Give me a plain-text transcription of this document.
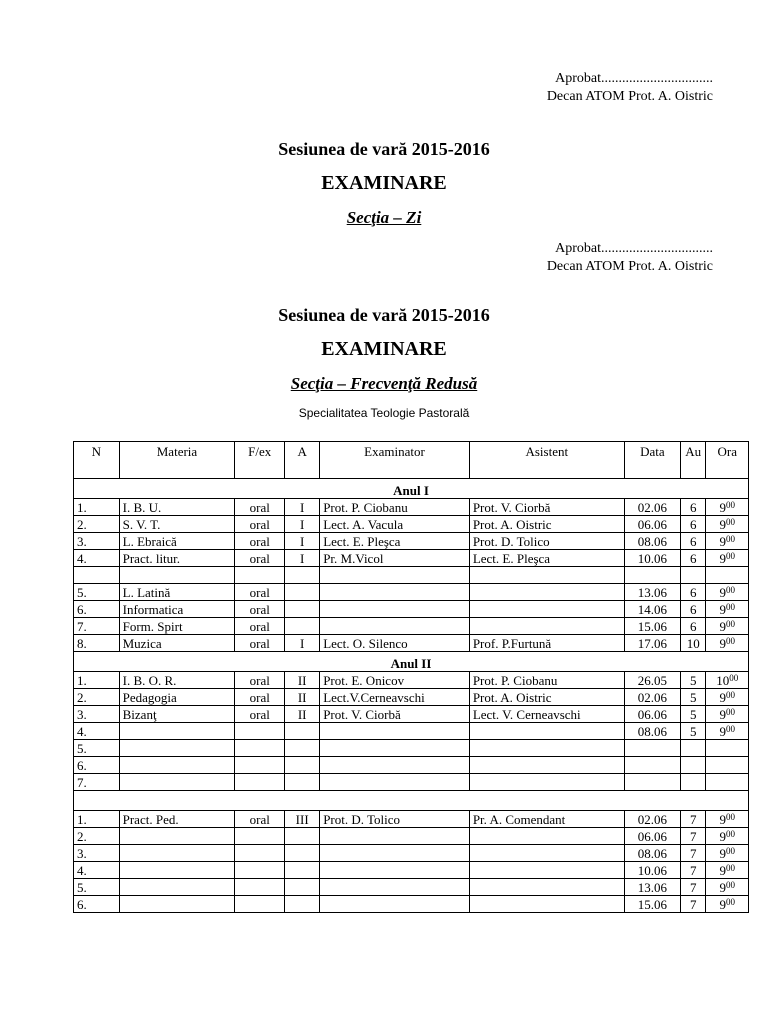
Aprobat................................
Decan ATOM Prot. A. Oistric
Sesiunea de vară 2015-2016
EXAMINARE
Secţia – Zi
Aprobat................................
Decan ATOM Prot. A. Oistric
Sesiunea de vară 2015-2016
EXAMINARE
Secţia – Frecvenţă Redusă
Specialitatea Teologie Pastorală
N	Materia	F/ex	A	Examinator	Asistent	Data	Au	Ora
Anul I								
1.	I. B. U.	oral	I	Prot. P. Ciobanu	Prot. V. Ciorbă	02.06	6	$9^{00}$
2.	S. V. T.	oral	I	Lect. A. Vacula	Prot. A. Oistric	06.06	6	$9^{00}$
3.	L. Ebraică	oral	I	Lect. E. Pleşca	Prot. D. Tolico	08.06	6	$9^{00}$
4.	Pract. litur.	oral	I	Pr. M.Vicol	Lect. E. Pleşca	10.06	6	$9^{00}$

5.	L. Latină	oral				13.06	6	$9^{00}$
6.	Informatica	oral				14.06	6	$9^{00}$
7.	Form. Spirt	oral				15.06	6	$9^{00}$
8.	Muzica	oral	I	Lect. O. Silenco	Prof. P.Furtună	17.06	10	$9^{00}$
Anul II								
1.	I. B. O. R.	oral	II	Prot. E. Onicov	Prot. P. Ciobanu	26.05	5	$10^{00}$
2.	Pedagogia	oral	II	Lect.V.Cerneavschi	Prot. A. Oistric	02.06	5	$9^{00}$
3.	Bizanţ	oral	II	Prot. V. Ciorbă	Lect. V. Cerneavschi	06.06	5	$9^{00}$
4.						08.06	5	$9^{00}$
5.								
6.								
7.								

1.	Pract. Ped.	oral	III	Prot. D. Tolico	Pr. A. Comendant	02.06	7	$9^{00}$
2.						06.06	7	$9^{00}$
3.						08.06	7	$9^{00}$
4.						10.06	7	$9^{00}$
5.						13.06	7	$9^{00}$
6.						15.06	7	$9^{00}$
